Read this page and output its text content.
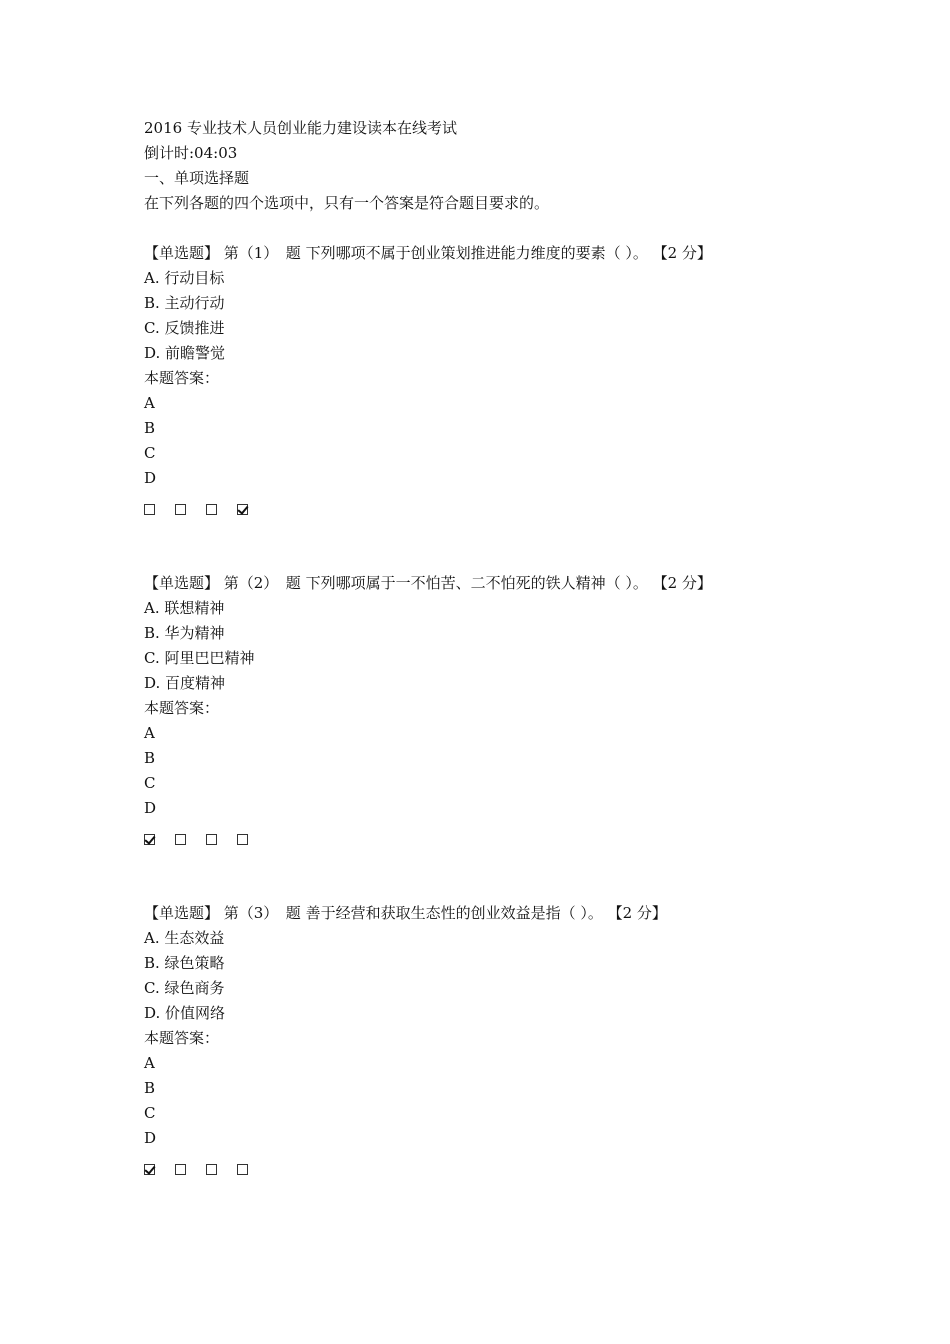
2016 专业技术人员创业能力建设读本在线考试
倒计时:04:03
一、单项选择题
在下列各题的四个选项中，只有一个答案是符合题目要求的。
【单选题】 第（1）　题 下列哪项不属于创业策划推进能力维度的要素（ ）。 【2 分】
A. 行动目标
B. 主动行动
C. 反馈推进
D. 前瞻警觉
本题答案：
A
B
C
D
【单选题】 第（2）　题 下列哪项属于一不怕苦、二不怕死的铁人精神（ ）。 【2 分】
A. 联想精神
B. 华为精神
C. 阿里巴巴精神
D. 百度精神
本题答案：
A
B
C
D
【单选题】 第（3）　题 善于经营和获取生态性的创业效益是指（ ）。 【2 分】
A. 生态效益
B. 绿色策略
C. 绿色商务
D. 价值网络
本题答案：
A
B
C
D
